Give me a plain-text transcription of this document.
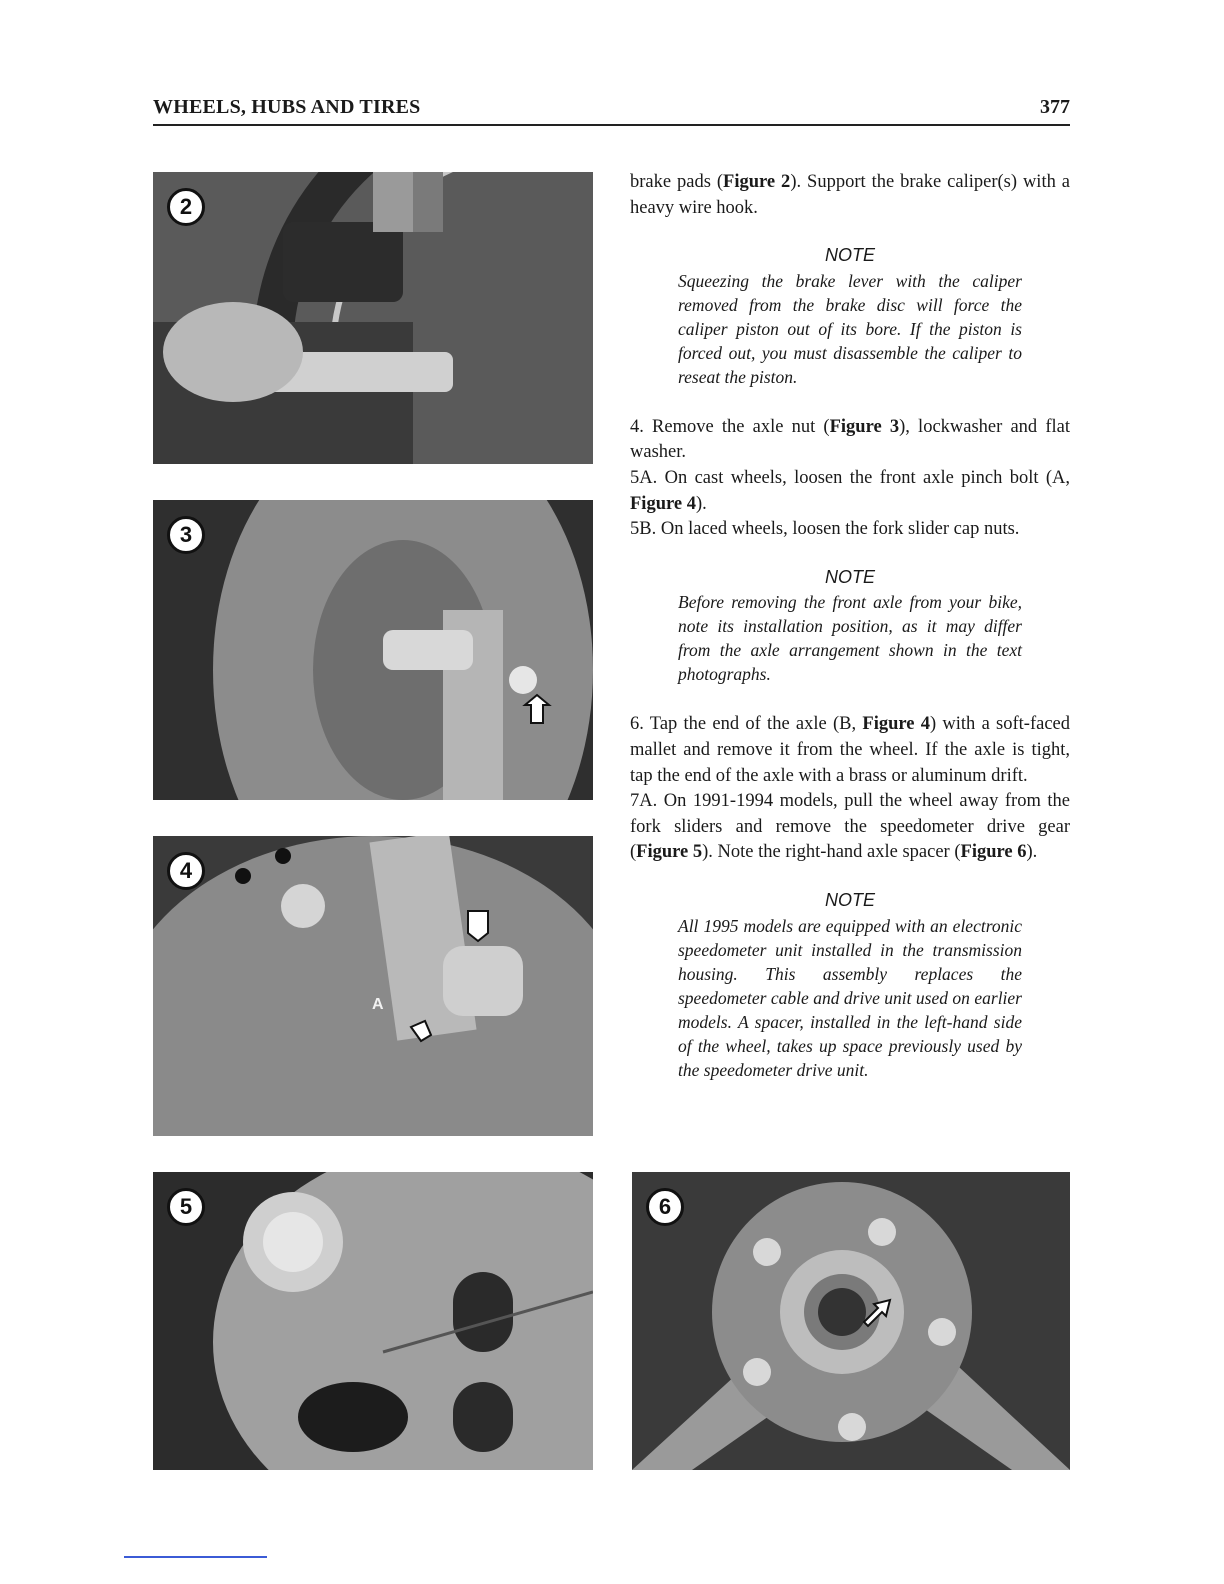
WHEELS, HUBS AND TIRES	377
2
3
4
A
5	6

brake pads (Figure 2). Support the brake caliper(s) with a heavy wire hook.

NOTE

Squeezing the brake lever with the caliper removed from the brake disc will force the caliper piston out of its bore. If the piston is forced out, you must disassemble the caliper to reseat the piston.

4. Remove the axle nut (Figure 3), lockwasher and flat washer.

5A. On cast wheels, loosen the front axle pinch bolt (A, Figure 4).

5B. On laced wheels, loosen the fork slider cap nuts.

NOTE

Before removing the front axle from your bike, note its installation position, as it may differ from the axle arrangement shown in the text photographs.

6. Tap the end of the axle (B, Figure 4) with a soft-faced mallet and remove it from the wheel. If the axle is tight, tap the end of the axle with a brass or aluminum drift.

7A. On 1991-1994 models, pull the wheel away from the fork sliders and remove the speedometer drive gear (Figure 5). Note the right-hand axle spacer (Figure 6).

NOTE

All 1995 models are equipped with an electronic speedometer unit installed in the transmission housing. This assembly replaces the speedometer cable and drive unit used on earlier models. A spacer, installed in the left-hand side of the wheel, takes up space previously used by the speedometer drive unit.
